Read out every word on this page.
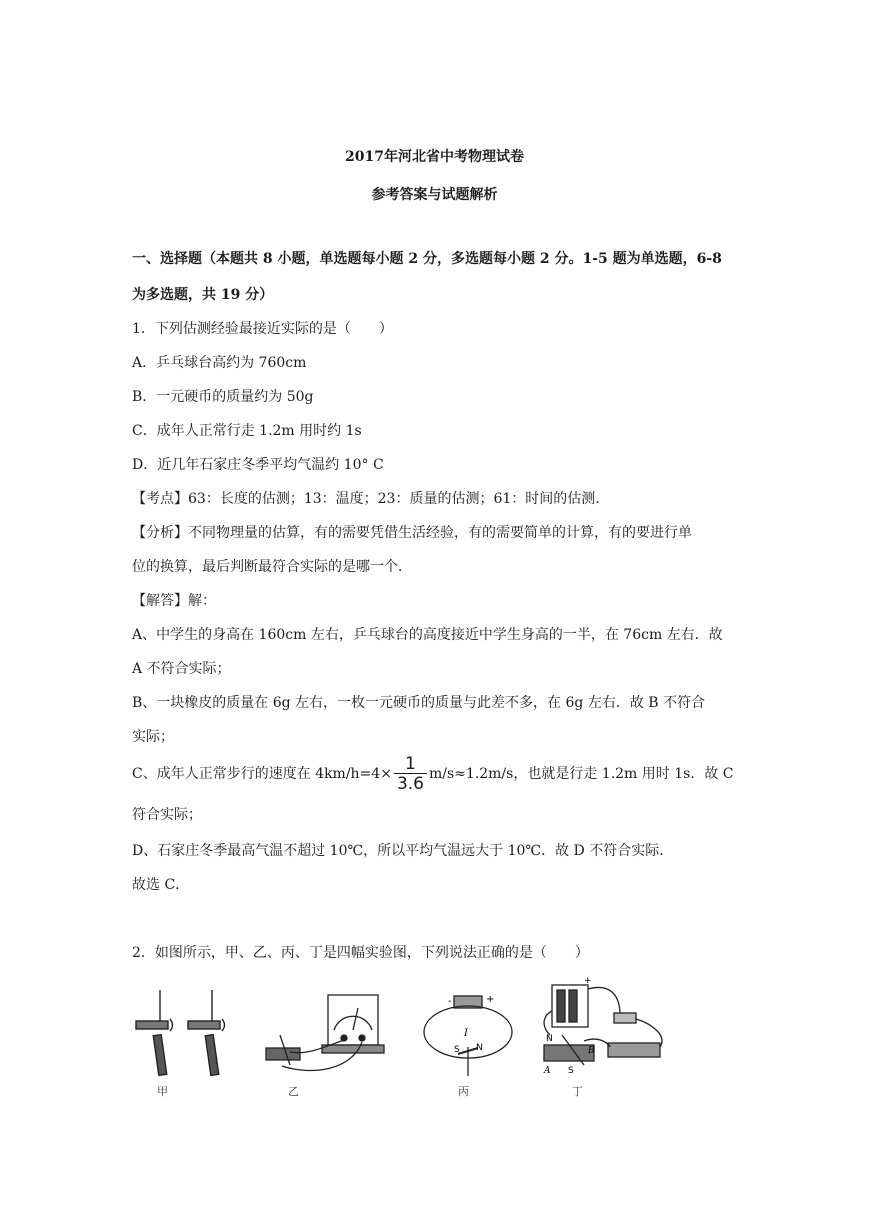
2017年河北省中考物理试卷
参考答案与试题解析
一、选择题（本题共 8 小题，单选题每小题 2 分，多选题每小题 2 分。1-5 题为单选题，6-8
为多选题，共 19 分）
1．下列估测经验最接近实际的是（　　）
A．乒乓球台高约为 760cm
B．一元硬币的质量约为 50g
C．成年人正常行走 1.2m 用时约 1s
D．近几年石家庄冬季平均气温约 10° C
【考点】63：长度的估测；13：温度；23：质量的估测；61：时间的估测．
【分析】不同物理量的估算，有的需要凭借生活经验，有的需要简单的计算，有的要进行单
位的换算，最后判断最符合实际的是哪一个．
【解答】解：
A、中学生的身高在 160cm 左右，乒乓球台的高度接近中学生身高的一半，在 76cm 左右．故
A 不符合实际；
B、一块橡皮的质量在 6g 左右，一枚一元硬币的质量与此差不多，在 6g 左右．故 B 不符合
实际；
C、成年人正常步行的速度在 $4km/h=4\times \frac{1}{3.6} m/s\approx 1.2m/s$，也就是行走 1.2m 用时 1s．故 C
符合实际；
D、石家庄冬季最高气温不超过 10℃，所以平均气温远大于 10℃．故 D 不符合实际．
故选 C．
2．如图所示，甲、乙、丙、丁是四幅实验图，下列说法正确的是（　　）
甲	乙
+
-
I
S N
丙
+
N
B
A S
丁
